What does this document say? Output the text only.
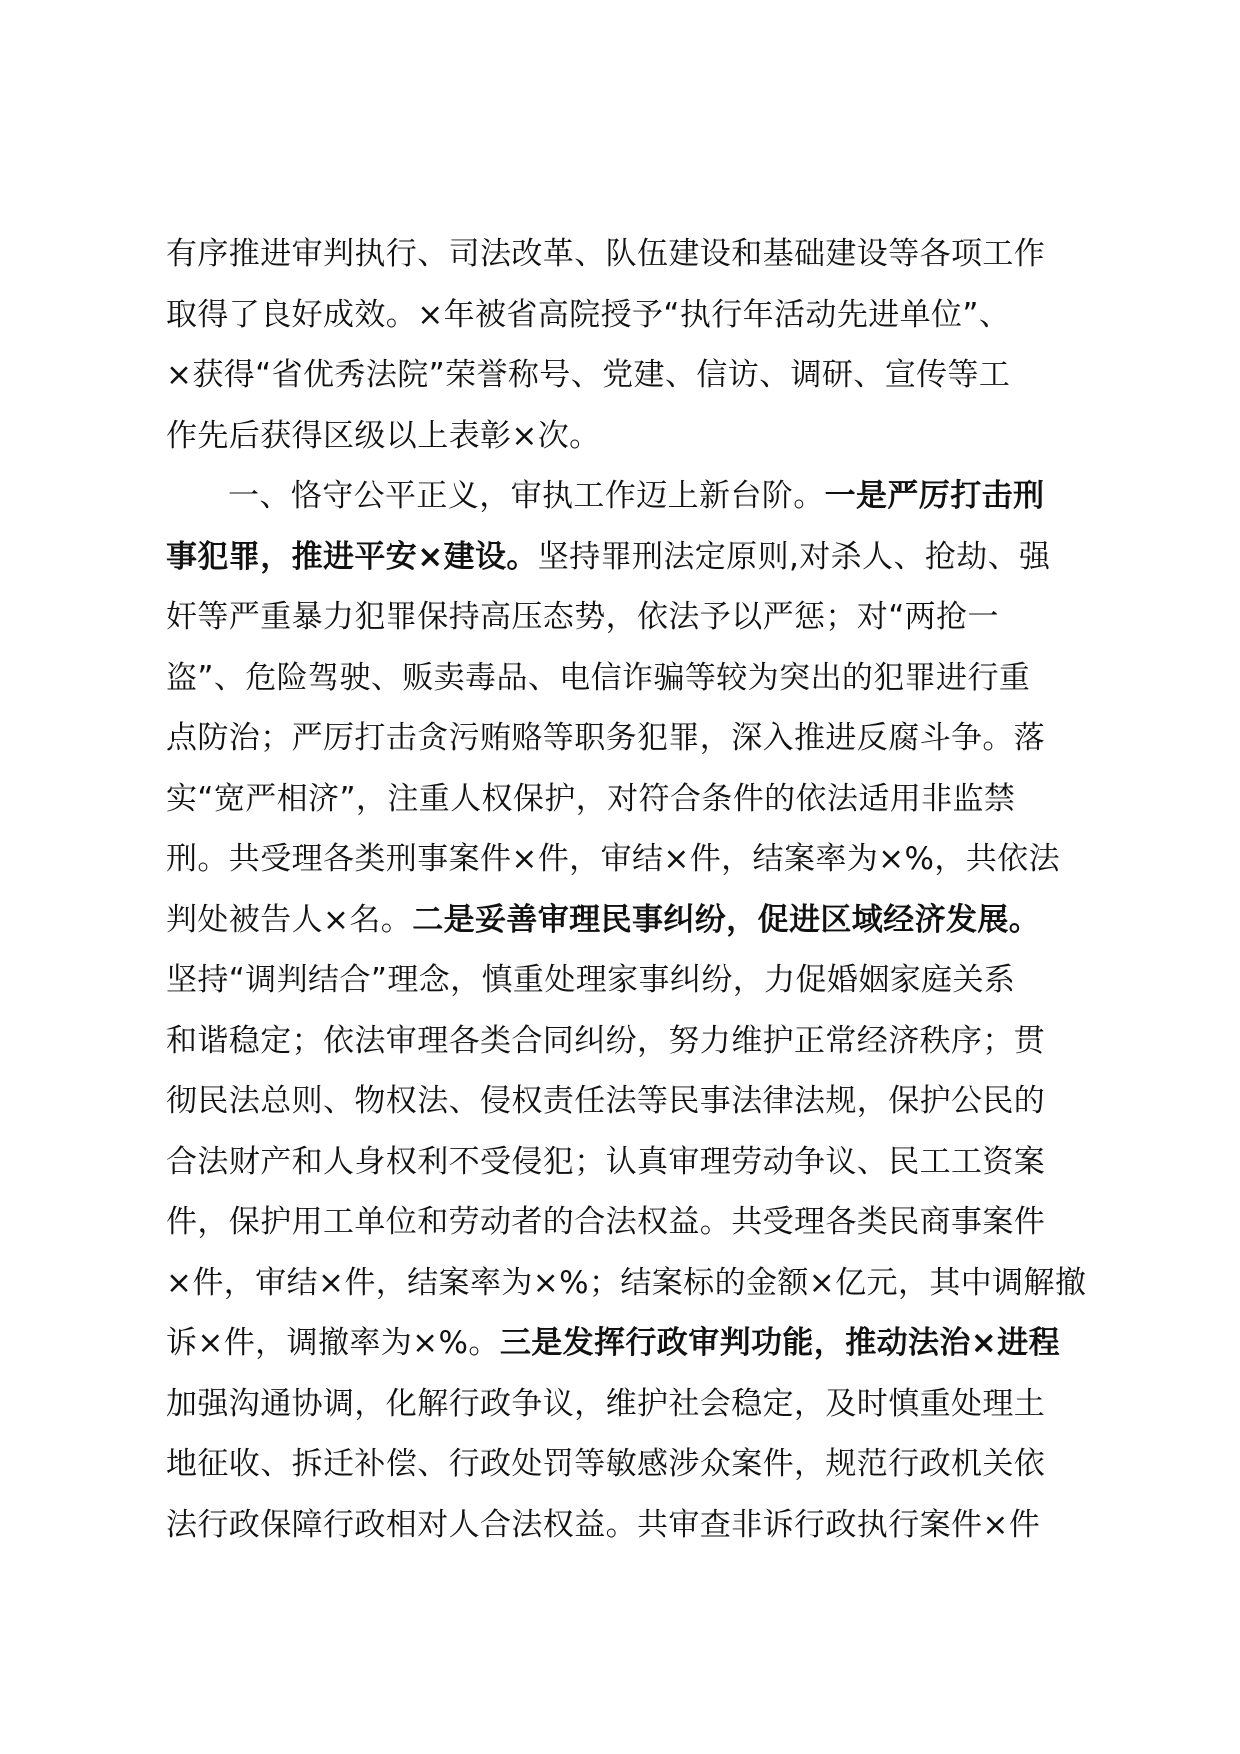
有序推进审判执行、司法改革、队伍建设和基础建设等各项工作
取得了良好成效。×年被省高院授予“执行年活动先进单位”、
×获得“省优秀法院”荣誉称号、党建、信访、调研、宣传等工
作先后获得区级以上表彰×次。
一、恪守公平正义，审执工作迈上新台阶。一是严厉打击刑
事犯罪，推进平安×建设。坚持罪刑法定原则,对杀人、抢劫、强
奸等严重暴力犯罪保持高压态势，依法予以严惩；对“两抢一
盗”、危险驾驶、贩卖毒品、电信诈骗等较为突出的犯罪进行重
点防治；严厉打击贪污贿赂等职务犯罪，深入推进反腐斗争。落
实“宽严相济”，注重人权保护，对符合条件的依法适用非监禁
刑。共受理各类刑事案件×件，审结×件，结案率为×%，共依法
判处被告人×名。二是妥善审理民事纠纷，促进区域经济发展。
坚持“调判结合”理念，慎重处理家事纠纷，力促婚姻家庭关系
和谐稳定；依法审理各类合同纠纷，努力维护正常经济秩序；贯
彻民法总则、物权法、侵权责任法等民事法律法规，保护公民的
合法财产和人身权利不受侵犯；认真审理劳动争议、民工工资案
件，保护用工单位和劳动者的合法权益。共受理各类民商事案件
×件，审结×件，结案率为×%；结案标的金额×亿元，其中调解撤
诉×件，调撤率为×%。三是发挥行政审判功能，推动法治×进程
加强沟通协调，化解行政争议，维护社会稳定，及时慎重处理土
地征收、拆迁补偿、行政处罚等敏感涉众案件，规范行政机关依
法行政保障行政相对人合法权益。共审查非诉行政执行案件×件
